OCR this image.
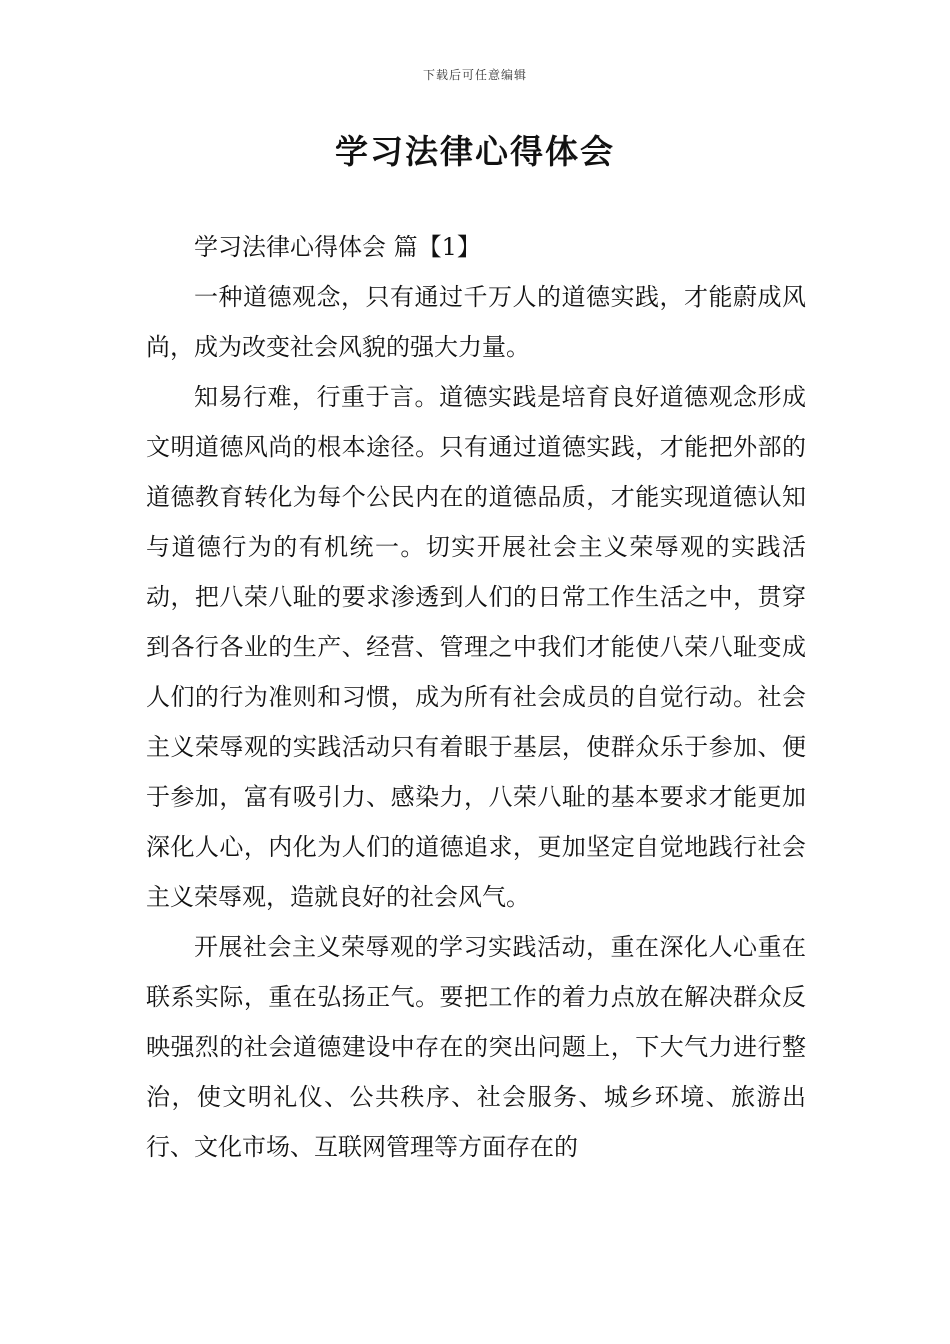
下载后可任意编辑
学习法律心得体会

学习法律心得体会 篇【1】

一种道德观念，只有通过千万人的道德实践，才能蔚成风尚，成为改变社会风貌的强大力量。

知易行难，行重于言。道德实践是培育良好道德观念形成文明道德风尚的根本途径。只有通过道德实践，才能把外部的道德教育转化为每个公民内在的道德品质，才能实现道德认知与道德行为的有机统一。切实开展社会主义荣辱观的实践活动，把八荣八耻的要求渗透到人们的日常工作生活之中，贯穿到各行各业的生产、经营、管理之中我们才能使八荣八耻变成人们的行为准则和习惯，成为所有社会成员的自觉行动。社会主义荣辱观的实践活动只有着眼于基层，使群众乐于参加、便于参加，富有吸引力、感染力，八荣八耻的基本要求才能更加深化人心，内化为人们的道德追求，更加坚定自觉地践行社会主义荣辱观，造就良好的社会风气。

开展社会主义荣辱观的学习实践活动，重在深化人心重在联系实际，重在弘扬正气。要把工作的着力点放在解决群众反映强烈的社会道德建设中存在的突出问题上，下大气力进行整治，使文明礼仪、公共秩序、社会服务、城乡环境、旅游出行、文化市场、互联网管理等方面存在的
